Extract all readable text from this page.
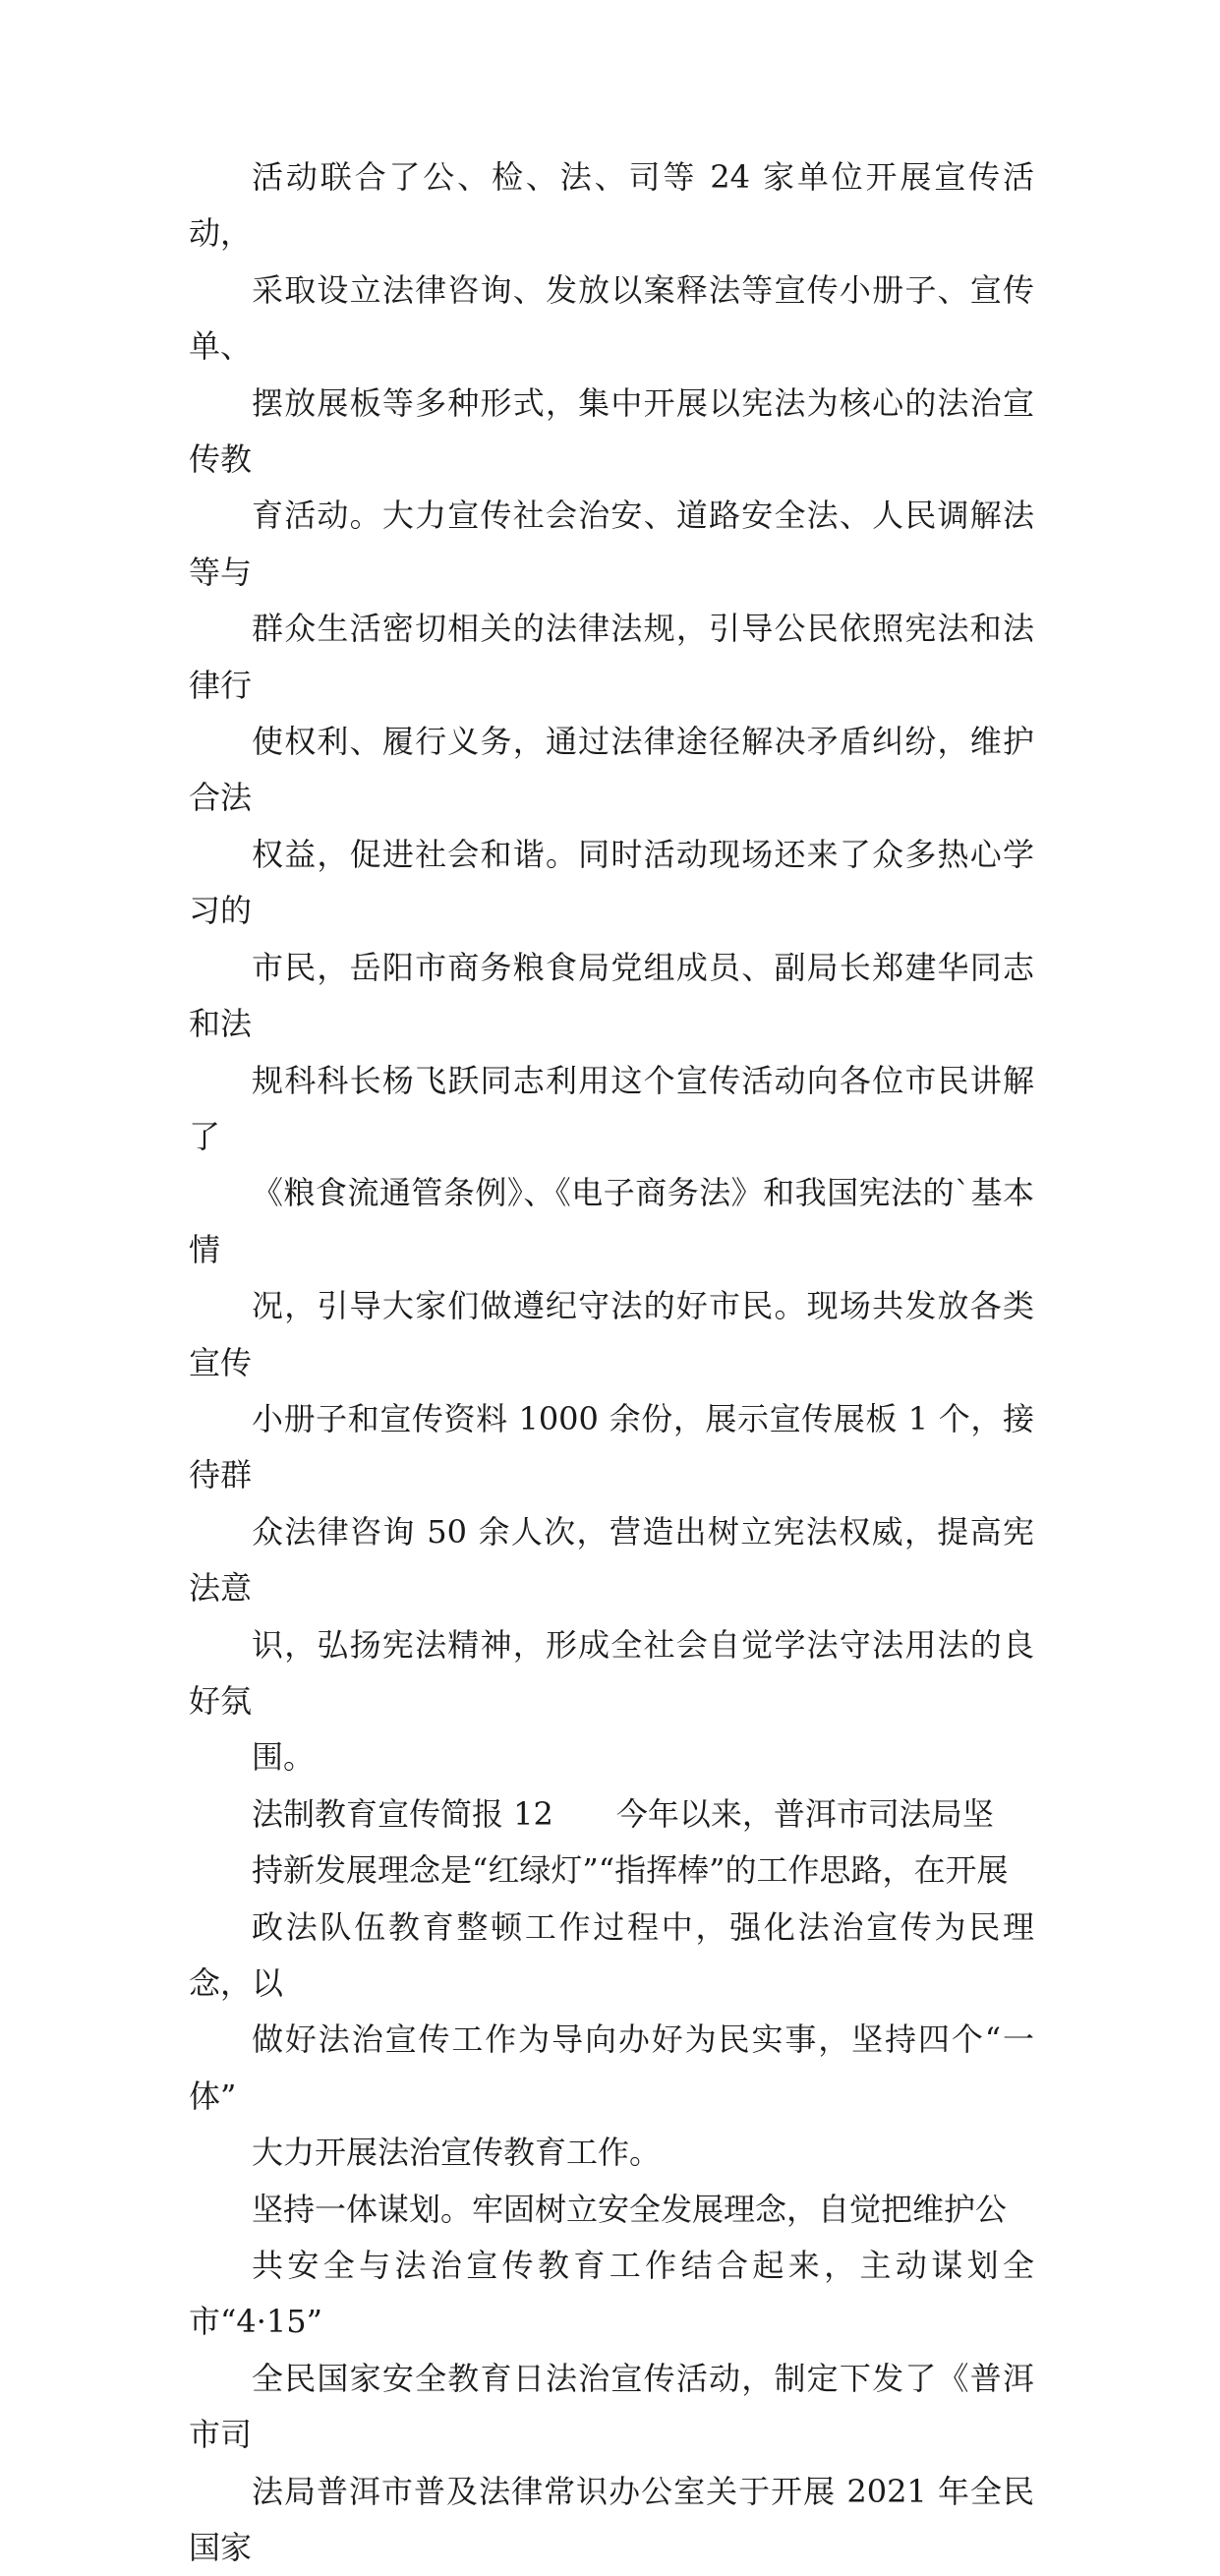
活动联合了公、检、法、司等 24 家单位开展宣传活动，
采取设立法律咨询、发放以案释法等宣传小册子、宣传单、
摆放展板等多种形式，集中开展以宪法为核心的法治宣传教
育活动。大力宣传社会治安、道路安全法、人民调解法等与
群众生活密切相关的法律法规，引导公民依照宪法和法律行
使权利、履行义务，通过法律途径解决矛盾纠纷，维护合法
权益，促进社会和谐。同时活动现场还来了众多热心学习的
市民，岳阳市商务粮食局党组成员、副局长郑建华同志和法
规科科长杨飞跃同志利用这个宣传活动向各位市民讲解了
《粮食流通管条例》、《电子商务法》和我国宪法的`基本情
况，引导大家们做遵纪守法的好市民。现场共发放各类宣传
小册子和宣传资料 1000 余份，展示宣传展板 1 个，接待群
众法律咨询 50 余人次，营造出树立宪法权威，提高宪法意
识，弘扬宪法精神，形成全社会自觉学法守法用法的良好氛
围。

法制教育宣传简报 12 今年以来，普洱市司法局坚
持新发展理念是“红绿灯”“指挥棒”的工作思路，在开展
政法队伍教育整顿工作过程中，强化法治宣传为民理念，以
做好法治宣传工作为导向办好为民实事，坚持四个“一体”
大力开展法治宣传教育工作。

坚持一体谋划。牢固树立安全发展理念，自觉把维护公
共安全与法治宣传教育工作结合起来，主动谋划全市“4·15”
全民国家安全教育日法治宣传活动，制定下发了《普洱市司
法局普洱市普及法律常识办公室关于开展 2021 年全民国家
